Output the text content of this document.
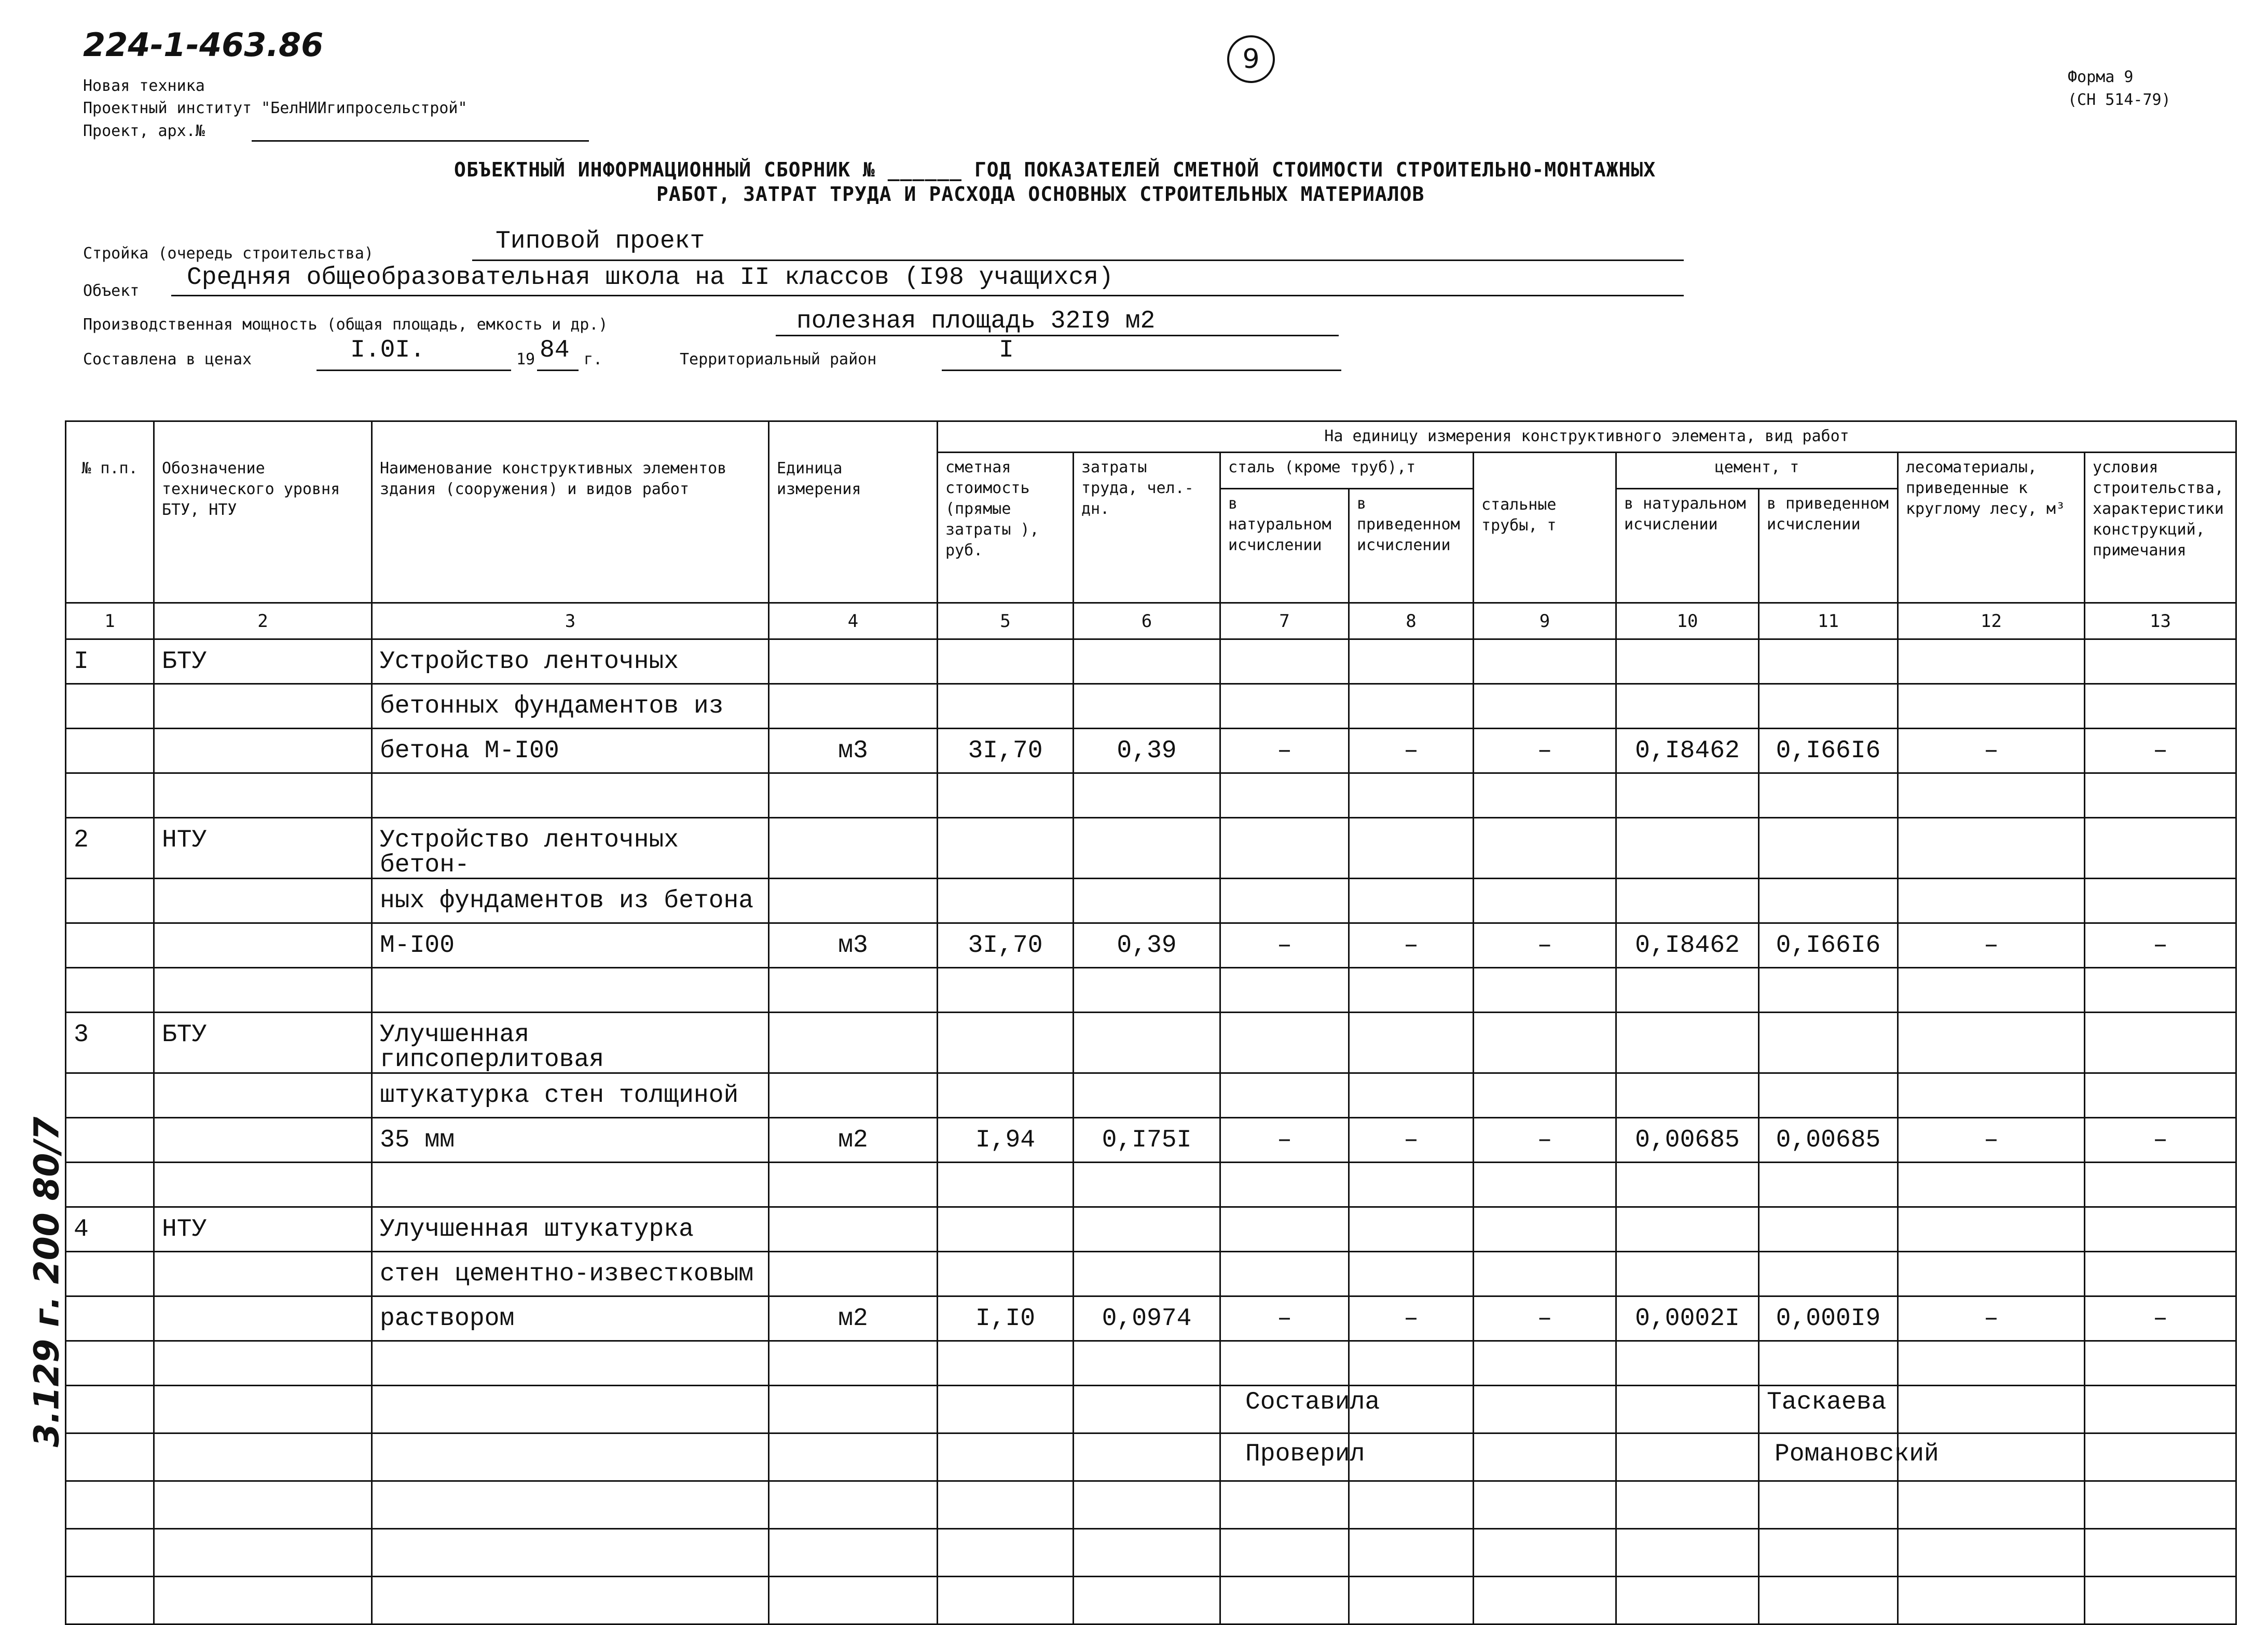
224-1-463.86	9
Новая техника
Проектный институт "БелНИИгипросельстрой"
Проект, арх.№
Форма 9
(СН 514-79)
ОБЪЕКТНЫЙ ИНФОРМАЦИОННЫЙ СБОРНИК № ______ ГОД ПОКАЗАТЕЛЕЙ СМЕТНОЙ СТОИМОСТИ СТРОИТЕЛЬНО-МОНТАЖНЫХ
РАБОТ, ЗАТРАТ ТРУДА И РАСХОДА ОСНОВНЫХ СТРОИТЕЛЬНЫХ МАТЕРИАЛОВ
Стройка (очередь строительства)	Типовой проект
Объект Средняя общеобразовательная школа на II классов (I98 учащихся)
Производственная мощность (общая площадь, емкость и др.)	полезная площадь 32I9 м2
Составлена в ценах	I.0I.	19 84 г.	Территориальный район	I
3.129 г. 200 80/7
№ п.п.	Обозначение технического уровня БТУ, НТУ	Наименование конструктивных элементов здания (сооружения) и видов работ	Единица измерения	На единицу измерения конструктивного элемента, вид работ								
				сметная стоимость (прямые затраты ), руб.	затраты труда, чел.-дн.	сталь (кроме труб),т		стальные трубы, т	цемент, т		лесоматериалы, приведенные к круглому лесу, м³	условия строительства, характеристики конструкций, примечания
						в натуральном исчислении	в приведенном исчислении		в натуральном исчислении	в приведенном исчислении		
1	2	3	4	5	6	7	8	9	10	11	12	13
I	БТУ	Устройство ленточных										
		бетонных фундаментов из										
		бетона М-I00	м3	3I,70	0,39	–	–	–	0,I8462	0,I66I6	–	–

2	НТУ	Устройство ленточных бетон-										
		ных фундаментов из бетона										
		М-I00	м3	3I,70	0,39	–	–	–	0,I8462	0,I66I6	–	–

3	БТУ	Улучшенная гипсоперлитовая										
		штукатурка стен толщиной										
		35 мм	м2	I,94	0,I75I	–	–	–	0,00685	0,00685	–	–

4	НТУ	Улучшенная штукатурка										
		стен цементно-известковым										
		раствором	м2	I,I0	0,0974	–	–	–	0,0002I	0,000I9	–	–

Составила	Таскаева
Проверил	Романовский
